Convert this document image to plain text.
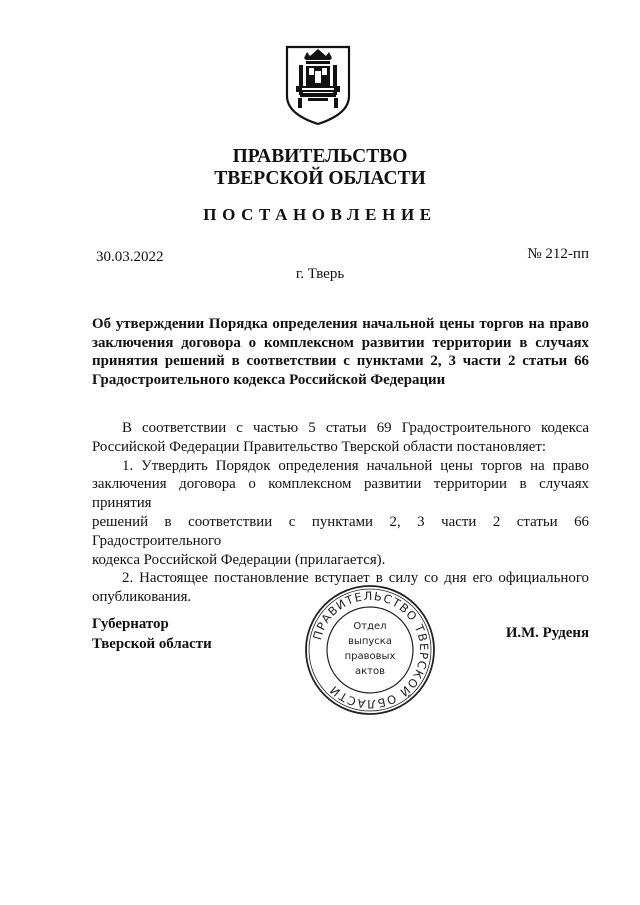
ПРАВИТЕЛЬСТВО
ТВЕРСКОЙ ОБЛАСТИ
ПОСТАНОВЛЕНИЕ
30.03.2022	№ 212-пп
г. Тверь
Об утверждении Порядка определения начальной цены торгов на право
заключения договора о комплексном развитии территории в случаях
принятия решений в соответствии с пунктами 2, 3 части 2 статьи 66
Градостроительного кодекса Российской Федерации
В соответствии с частью 5 статьи 69 Градостроительного кодекса
Российской Федерации Правительство Тверской области постановляет:
1. Утвердить Порядок определения начальной цены торгов на право
заключения договора о комплексном развитии территории в случаях принятия
решений в соответствии с пунктами 2, 3 части 2 статьи 66 Градостроительного
кодекса Российской Федерации (прилагается).
2. Настоящее постановление вступает в силу со дня его официального
опубликования.
Губернатор
Тверской области
И.М. Руденя
ПРАВИТЕЛЬСТВО ТВЕРСКОЙ ОБЛАСТИ
Отдел
выпуска
правовых
актов
